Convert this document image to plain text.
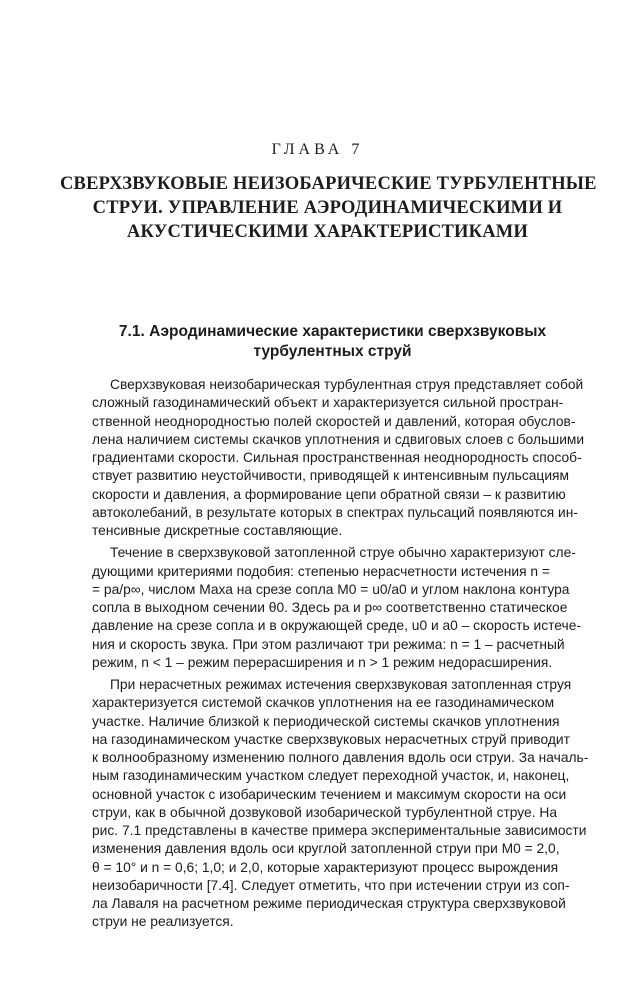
ГЛАВА 7
СВЕРХЗВУКОВЫЕ НЕИЗОБАРИЧЕСКИЕ ТУРБУЛЕНТНЫЕ
СТРУИ. УПРАВЛЕНИЕ АЭРОДИНАМИЧЕСКИМИ И
АКУСТИЧЕСКИМИ ХАРАКТЕРИСТИКАМИ
7.1. Аэродинамические характеристики сверхзвуковых
турбулентных струй
Сверхзвуковая неизобарическая турбулентная струя представляет собой
сложный газодинамический объект и характеризуется сильной простран-
ственной неоднородностью полей скоростей и давлений, которая обуслов-
лена наличием системы скачков уплотнения и сдвиговых слоев с большими
градиентами скорости. Сильная пространственная неоднородность способ-
ствует развитию неустойчивости, приводящей к интенсивным пульсациям
скорости и давления, а формирование цепи обратной связи – к развитию
автоколебаний, в результате которых в спектрах пульсаций появляются ин-
тенсивные дискретные составляющие.
Течение в сверхзвуковой затопленной струе обычно характеризуют сле-
дующими критериями подобия: степенью нерасчетности истечения n =
= pa/p∞, числом Маха на срезе сопла M0 = u0/a0 и углом наклона контура
сопла в выходном сечении θ0. Здесь pa и p∞ соответственно статическое
давление на срезе сопла и в окружающей среде, u0 и a0 – скорость истече-
ния и скорость звука. При этом различают три режима: n = 1 – расчетный
режим, n < 1 – режим перерасширения и n > 1 режим недорасширения.
При нерасчетных режимах истечения сверхзвуковая затопленная струя
характеризуется системой скачков уплотнения на ее газодинамическом
участке. Наличие близкой к периодической системы скачков уплотнения
на газодинамическом участке сверхзвуковых нерасчетных струй приводит
к волнообразному изменению полного давления вдоль оси струи. За началь-
ным газодинамическим участком следует переходной участок, и, наконец,
основной участок с изобарическим течением и максимум скорости на оси
струи, как в обычной дозвуковой изобарической турбулентной струе. На
рис. 7.1 представлены в качестве примера экспериментальные зависимости
изменения давления вдоль оси круглой затопленной струи при M0 = 2,0,
θ = 10° и n = 0,6; 1,0; и 2,0, которые характеризуют процесс вырождения
неизобаричности [7.4]. Следует отметить, что при истечении струи из соп-
ла Лаваля на расчетном режиме периодическая структура сверхзвуковой
струи не реализуется.
